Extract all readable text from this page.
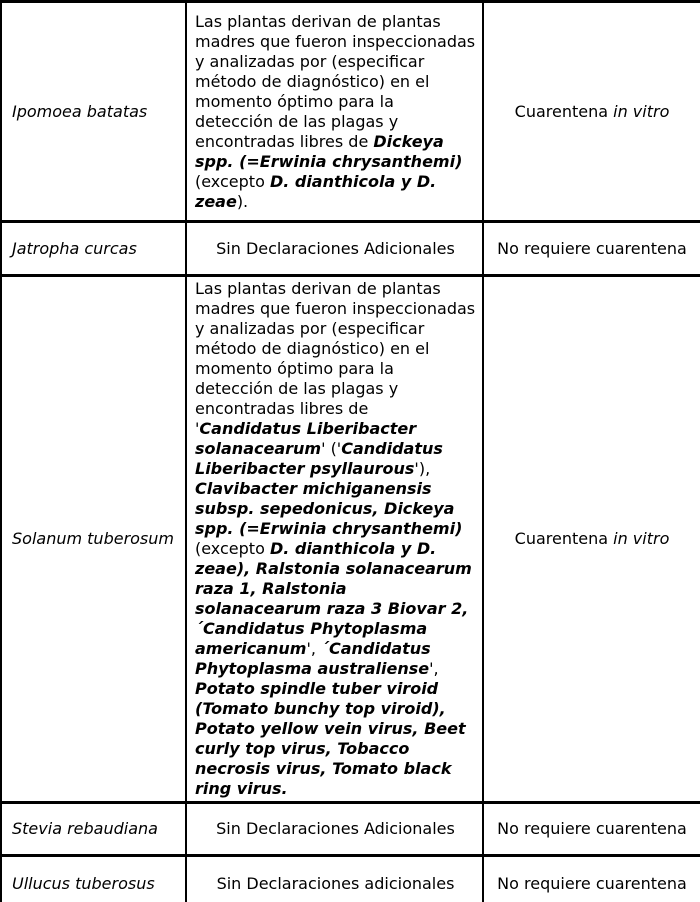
Ipomoea batatas	Las plantas derivan de plantas madres que fueron inspeccionadas y analizadas por (especificar método de diagnóstico) en el momento óptimo para la detección de las plagas y encontradas libres de Dickeya spp. (=Erwinia chrysanthemi) (excepto D. dianthicola y D. zeae).	Cuarentena in vitro

Jatropha curcas	Sin Declaraciones Adicionales	No requiere cuarentena

Solanum tuberosum	Las plantas derivan de plantas madres que fueron inspeccionadas y analizadas por (especificar método de diagnóstico) en el momento óptimo para la detección de las plagas y encontradas libres de 'Candidatus Liberibacter solanacearum' ('Candidatus Liberibacter psyllaurous'), Clavibacter michiganensis subsp. sepedonicus, Dickeya spp. (=Erwinia chrysanthemi) (excepto D. dianthicola y D. zeae), Ralstonia solanacearum raza 1, Ralstonia solanacearum raza 3 Biovar 2, ´Candidatus Phytoplasma americanum', ´Candidatus Phytoplasma australiense', Potato spindle tuber viroid (Tomato bunchy top viroid), Potato yellow vein virus, Beet curly top virus, Tobacco necrosis virus, Tomato black ring virus.	Cuarentena in vitro

Stevia rebaudiana	Sin Declaraciones Adicionales	No requiere cuarentena

Ullucus tuberosus	Sin Declaraciones adicionales	No requiere cuarentena
